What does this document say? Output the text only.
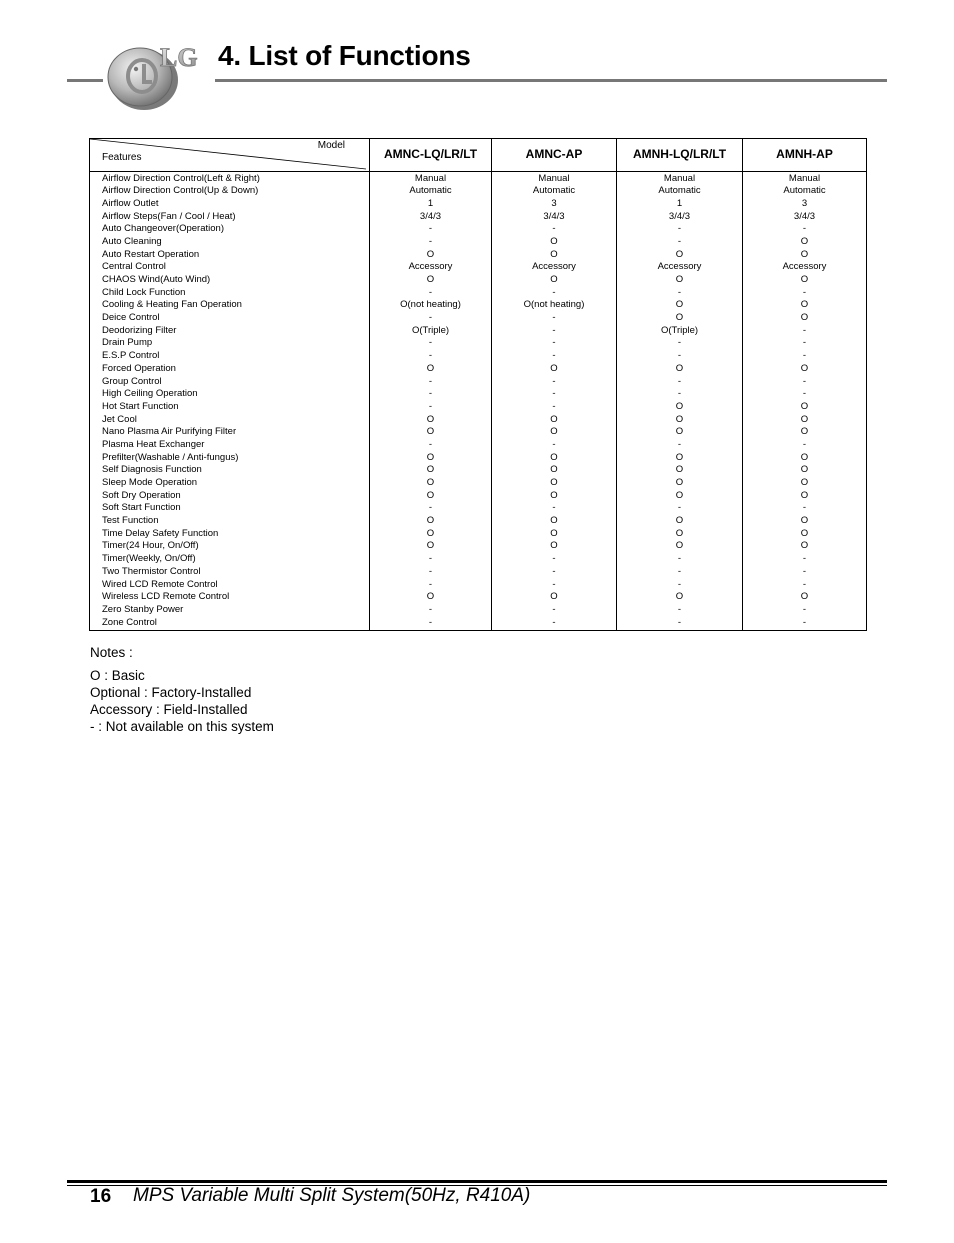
LG 4. List of Functions
Model
Features	AMNC-LQ/LR/LT	AMNC-AP	AMNH-LQ/LR/LT	AMNH-AP
Airflow Direction Control(Left & Right)	Manual	Manual	Manual	Manual
Airflow Direction Control(Up & Down)	Automatic	Automatic	Automatic	Automatic
Airflow Outlet	1	3	1	3
Airflow Steps(Fan / Cool / Heat)	3/4/3	3/4/3	3/4/3	3/4/3
Auto Changeover(Operation)	-	-	-	-
Auto Cleaning	-	O	-	O
Auto Restart Operation	O	O	O	O
Central Control	Accessory	Accessory	Accessory	Accessory
CHAOS Wind(Auto Wind)	O	O	O	O
Child Lock Function	-	-	-	-
Cooling & Heating Fan Operation	O(not heating)	O(not heating)	O	O
Deice Control	-	-	O	O
Deodorizing Filter	O(Triple)	-	O(Triple)	-
Drain Pump	-	-	-	-
E.S.P Control	-	-	-	-
Forced Operation	O	O	O	O
Group Control	-	-	-	-
High Ceiling Operation	-	-	-	-
Hot Start Function	-	-	O	O
Jet Cool	O	O	O	O
Nano Plasma Air Purifying Filter	O	O	O	O
Plasma Heat Exchanger	-	-	-	-
Prefilter(Washable / Anti-fungus)	O	O	O	O
Self Diagnosis Function	O	O	O	O
Sleep Mode Operation	O	O	O	O
Soft Dry Operation	O	O	O	O
Soft Start Function	-	-	-	-
Test Function	O	O	O	O
Time Delay Safety Function	O	O	O	O
Timer(24 Hour, On/Off)	O	O	O	O
Timer(Weekly, On/Off)	-	-	-	-
Two Thermistor Control	-	-	-	-
Wired LCD Remote Control	-	-	-	-
Wireless LCD Remote Control	O	O	O	O
Zero Stanby Power	-	-	-	-
Zone Control	-	-	-	-
Notes :
O : Basic
Optional : Factory-Installed
Accessory : Field-Installed
- : Not available on this system
16 MPS Variable Multi Split System(50Hz, R410A)
